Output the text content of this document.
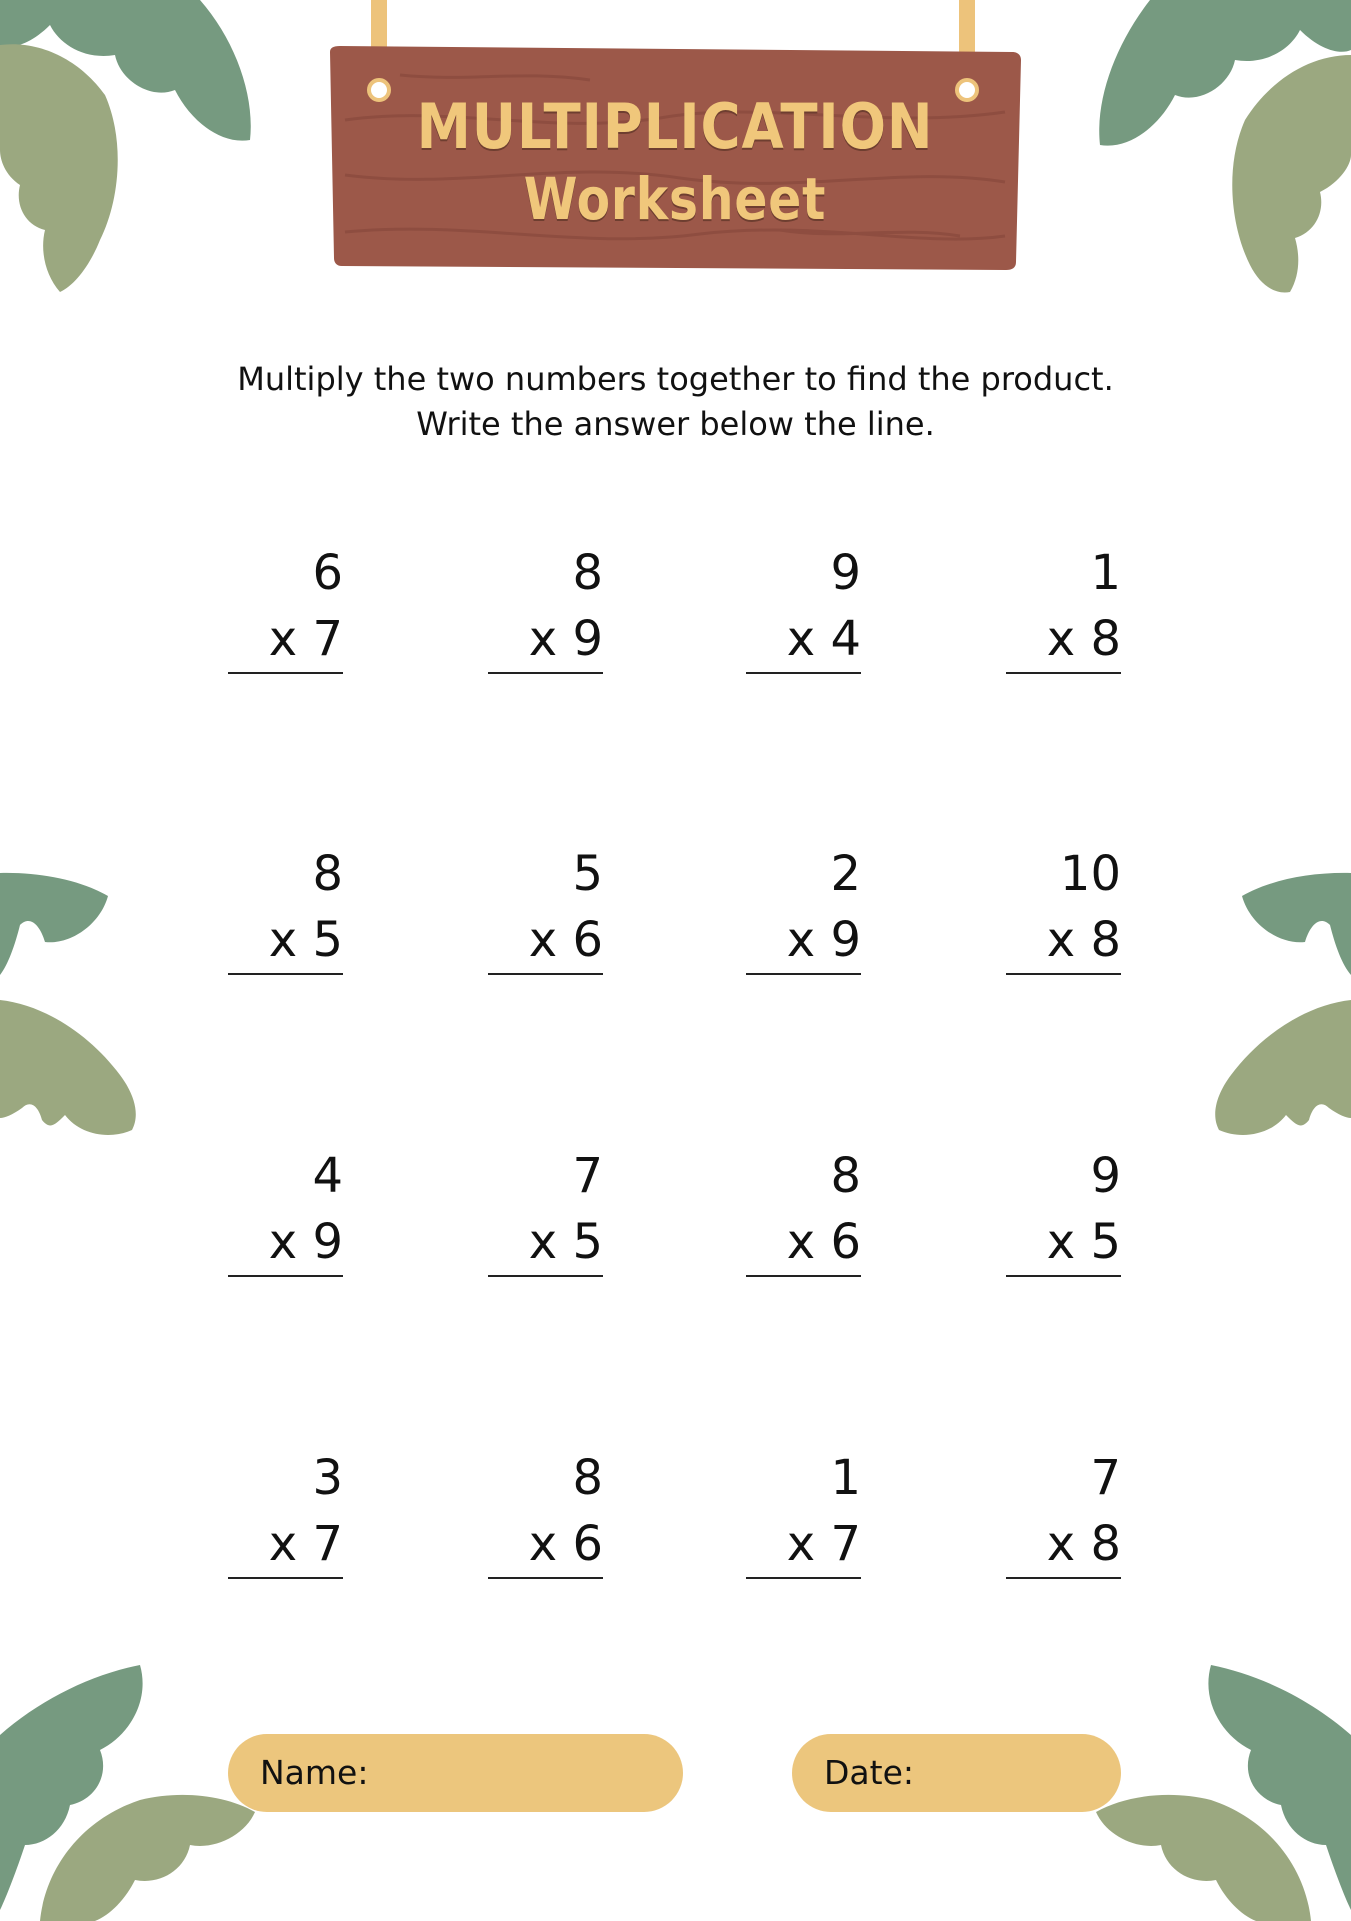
MULTIPLICATION
Worksheet
Multiply the two numbers together to find the product.
Write the answer below the line.
6
x 7
8
x 9
9
x 4
1
x 8
8
x 5
5
x 6
2
x 9
10
x 8
4
x 9
7
x 5
8
x 6
9
x 5
3
x 7
8
x 6
1
x 7
7
x 8
Name:	Date:
